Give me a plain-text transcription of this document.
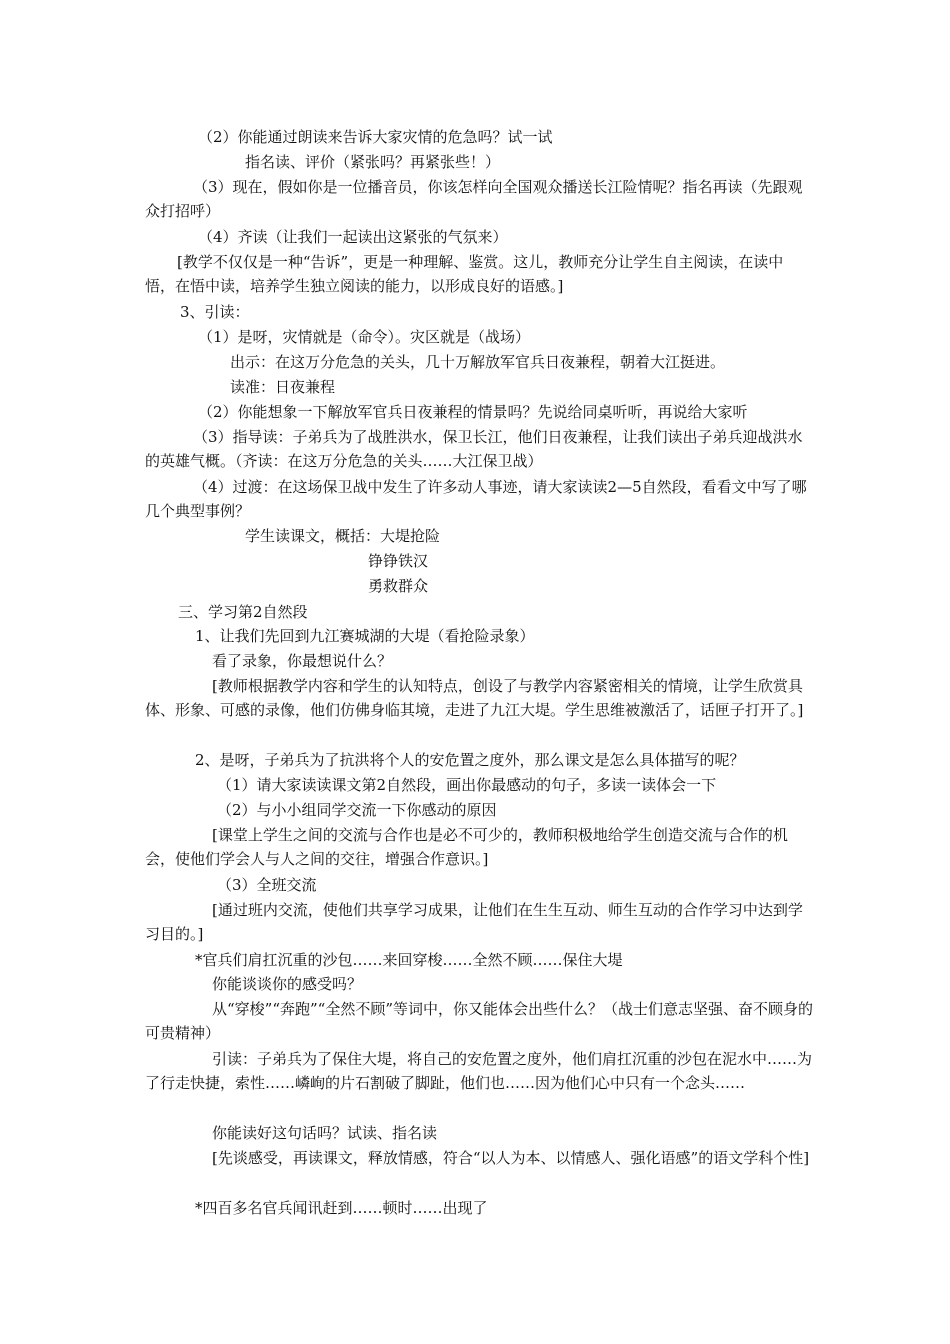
（2）你能通过朗读来告诉大家灾情的危急吗？试一试
指名读、评价（紧张吗？再紧张些！）
（3）现在，假如你是一位播音员，你该怎样向全国观众播送长江险情呢？指名再读（先跟观众打招呼）
（4）齐读（让我们一起读出这紧张的气氛来）
[教学不仅仅是一种“告诉”，更是一种理解、鉴赏。这儿，教师充分让学生自主阅读，在读中悟，在悟中读，培养学生独立阅读的能力，以形成良好的语感。]
3、引读：
（1）是呀，灾情就是（命令）。灾区就是（战场）
出示：在这万分危急的关头，几十万解放军官兵日夜兼程，朝着大江挺进。
读准：日夜兼程
（2）你能想象一下解放军官兵日夜兼程的情景吗？先说给同桌听听，再说给大家听
（3）指导读：子弟兵为了战胜洪水，保卫长江，他们日夜兼程，让我们读出子弟兵迎战洪水的英雄气概。（齐读：在这万分危急的关头……大江保卫战）
（4）过渡：在这场保卫战中发生了许多动人事迹，请大家读读2—5自然段，看看文中写了哪几个典型事例？
学生读课文，概括：大堤抢险
铮铮铁汉
勇救群众
三、学习第2自然段
1、让我们先回到九江赛城湖的大堤（看抢险录象）
看了录象，你最想说什么？
[教师根据教学内容和学生的认知特点，创设了与教学内容紧密相关的情境，让学生欣赏具体、形象、可感的录像，他们仿佛身临其境，走进了九江大堤。学生思维被激活了，话匣子打开了。]
2、是呀，子弟兵为了抗洪将个人的安危置之度外，那么课文是怎么具体描写的呢？
（1）请大家读读课文第2自然段，画出你最感动的句子，多读一读体会一下
（2）与小小组同学交流一下你感动的原因
[课堂上学生之间的交流与合作也是必不可少的，教师积极地给学生创造交流与合作的机会，使他们学会人与人之间的交往，增强合作意识。]
（3）全班交流
[通过班内交流，使他们共享学习成果，让他们在生生互动、师生互动的合作学习中达到学习目的。]
*官兵们肩扛沉重的沙包……来回穿梭……全然不顾……保住大堤
你能谈谈你的感受吗？
从“穿梭”“奔跑”“全然不顾”等词中，你又能体会出些什么？（战士们意志坚强、奋不顾身的可贵精神）
引读：子弟兵为了保住大堤，将自己的安危置之度外，他们肩扛沉重的沙包在泥水中……为了行走快捷，索性……嶙峋的片石割破了脚趾，他们也……因为他们心中只有一个念头……
你能读好这句话吗？试读、指名读
[先谈感受，再读课文，释放情感，符合“以人为本、以情感人、强化语感”的语文学科个性]
*四百多名官兵闻讯赶到……顿时……出现了
